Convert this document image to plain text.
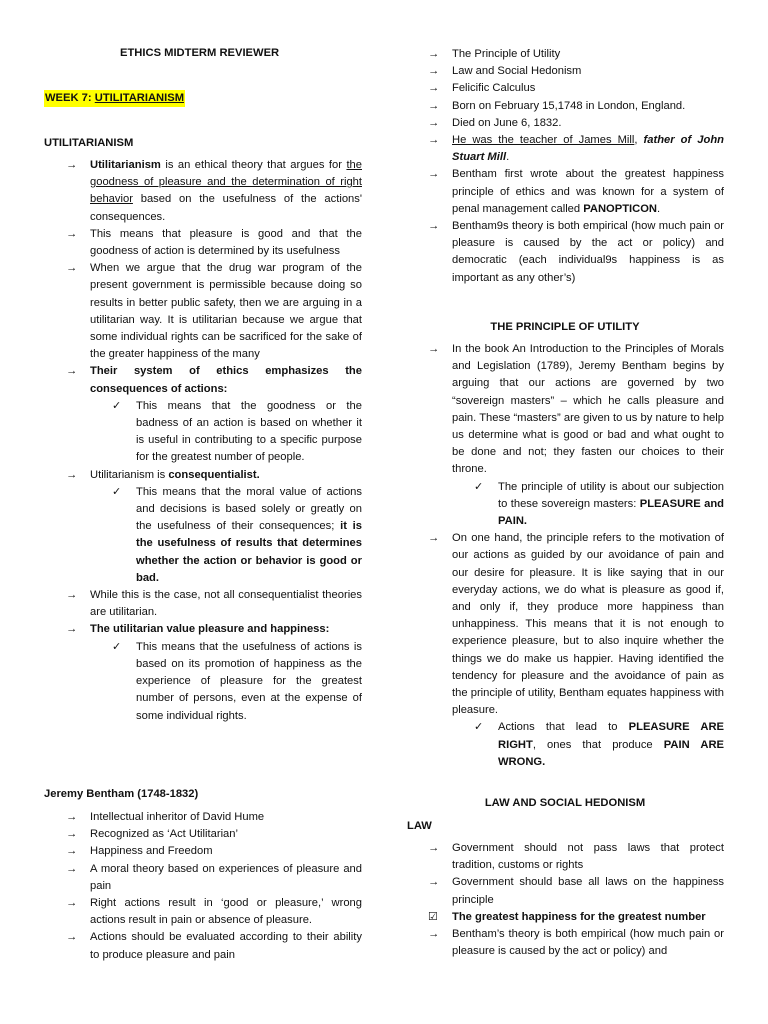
ETHICS MIDTERM REVIEWER
WEEK 7: UTILITARIANISM
UTILITARIANISM
→ Utilitarianism is an ethical theory that argues for the goodness of pleasure and the determination of right behavior based on the usefulness of the actions' consequences.
→ This means that pleasure is good and that the goodness of action is determined by its usefulness
→ When we argue that the drug war program of the present government is permissible because doing so results in better public safety, then we are arguing in a utilitarian way. It is utilitarian because we argue that some individual rights can be sacrificed for the sake of the greater happiness of the many
→ Their system of ethics emphasizes the consequences of actions:
✓ This means that the goodness or the badness of an action is based on whether it is useful in contributing to a specific purpose for the greatest number of people.
→ Utilitarianism is consequentialist.
✓ This means that the moral value of actions and decisions is based solely or greatly on the usefulness of their consequences; it is the usefulness of results that determines whether the action or behavior is good or bad.
→ While this is the case, not all consequentialist theories are utilitarian.
→ The utilitarian value pleasure and happiness:
✓ This means that the usefulness of actions is based on its promotion of happiness as the experience of pleasure for the greatest number of persons, even at the expense of some individual rights.
Jeremy Bentham (1748-1832)
→ Intellectual inheritor of David Hume
→ Recognized as ‘Act Utilitarian’
→ Happiness and Freedom
→ A moral theory based on experiences of pleasure and pain
→ Right actions result in ‘good or pleasure,’ wrong actions result in pain or absence of pleasure.
→ Actions should be evaluated according to their ability to produce pleasure and pain
→ The Principle of Utility
→ Law and Social Hedonism
→ Felicific Calculus
→ Born on February 15,1748 in London, England.
→ Died on June 6, 1832.
→ He was the teacher of James Mill, father of John Stuart Mill.
→ Bentham first wrote about the greatest happiness principle of ethics and was known for a system of penal management called PANOPTICON.
→ Bentham9s theory is both empirical (how much pain or pleasure is caused by the act or policy) and democratic (each individual9s happiness is as important as any other’s)
THE PRINCIPLE OF UTILITY
→ In the book An Introduction to the Principles of Morals and Legislation (1789), Jeremy Bentham begins by arguing that our actions are governed by two “sovereign masters” – which he calls pleasure and pain. These “masters” are given to us by nature to help us determine what is good or bad and what ought to be done and not; they fasten our choices to their throne.
✓ The principle of utility is about our subjection to these sovereign masters: PLEASURE and PAIN.
→ On one hand, the principle refers to the motivation of our actions as guided by our avoidance of pain and our desire for pleasure. It is like saying that in our everyday actions, we do what is pleasure as good if, and only if, they produce more happiness than unhappiness. This means that it is not enough to experience pleasure, but to also inquire whether the things we do make us happier. Having identified the tendency for pleasure and the avoidance of pain as the principle of utility, Bentham equates happiness with pleasure.
✓ Actions that lead to PLEASURE ARE RIGHT, ones that produce PAIN ARE WRONG.
LAW AND SOCIAL HEDONISM
LAW
→ Government should not pass laws that protect tradition, customs or rights
→ Government should base all laws on the happiness principle
☑ The greatest happiness for the greatest number
→ Bentham’s theory is both empirical (how much pain or pleasure is caused by the act or policy) and
